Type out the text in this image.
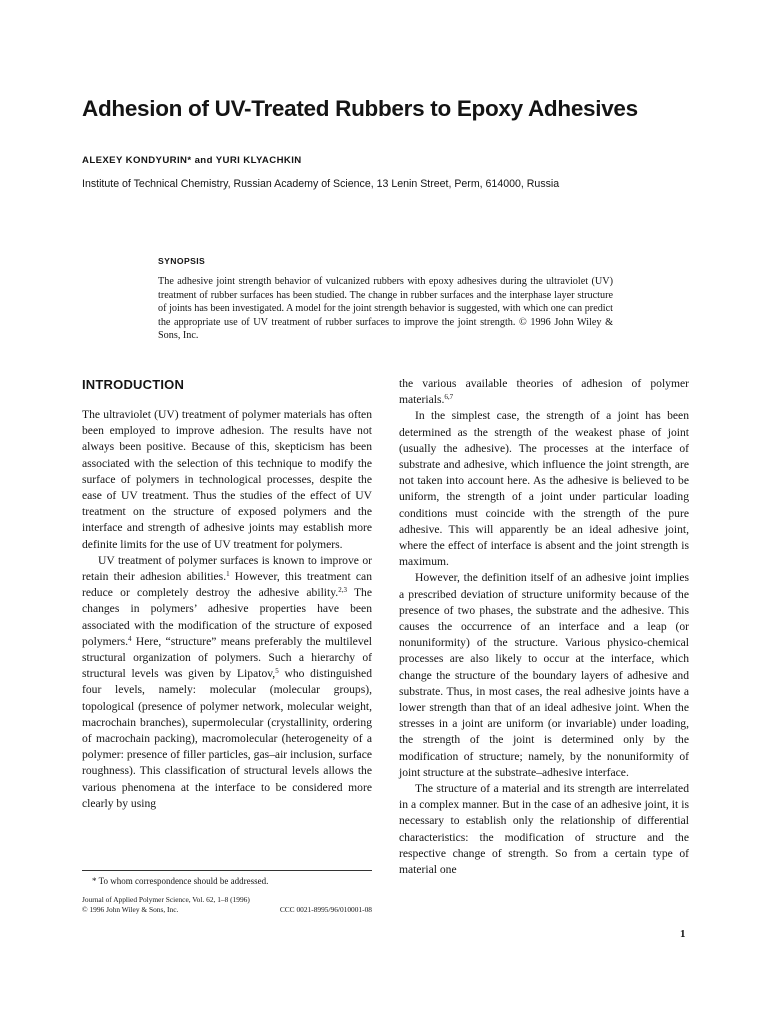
Adhesion of UV-Treated Rubbers to Epoxy Adhesives
ALEXEY KONDYURIN* and YURI KLYACHKIN
Institute of Technical Chemistry, Russian Academy of Science, 13 Lenin Street, Perm, 614000, Russia
SYNOPSIS
The adhesive joint strength behavior of vulcanized rubbers with epoxy adhesives during the ultraviolet (UV) treatment of rubber surfaces has been studied. The change in rubber surfaces and the interphase layer structure of joints has been investigated. A model for the joint strength behavior is suggested, with which one can predict the appropriate use of UV treatment of rubber surfaces to improve the joint strength. © 1996 John Wiley & Sons, Inc.
INTRODUCTION

The ultraviolet (UV) treatment of polymer materials has often been employed to improve adhesion. The results have not always been positive. Because of this, skepticism has been associated with the selection of this technique to modify the surface of polymers in technological processes, despite the ease of UV treatment. Thus the studies of the effect of UV treatment on the structure of exposed polymers and the interface and strength of adhesive joints may establish more definite limits for the use of UV treatment for polymers.

UV treatment of polymer surfaces is known to improve or retain their adhesion abilities.$^1$ However, this treatment can reduce or completely destroy the adhesive ability.$^{2,3}$ The changes in polymers’ adhesive properties have been associated with the modification of the structure of exposed polymers.$^4$ Here, “structure” means preferably the multilevel structural organization of polymers. Such a hierarchy of structural levels was given by Lipatov,$^5$ who distinguished four levels, namely: molecular (molecular groups), topological (presence of polymer network, molecular weight, macrochain branches), supermolecular (crystallinity, ordering of macrochain packing), macromolecular (heterogeneity of a polymer: presence of filler particles, gas–air inclusion, surface roughness). This classification of structural levels allows the various phenomena at the interface to be considered more clearly by using

the various available theories of adhesion of polymer materials.$^{6,7}$

In the simplest case, the strength of a joint has been determined as the strength of the weakest phase of joint (usually the adhesive). The processes at the interface of substrate and adhesive, which influence the joint strength, are not taken into account here. As the adhesive is believed to be uniform, the strength of a joint under particular loading conditions must coincide with the strength of the pure adhesive. This will apparently be an ideal adhesive joint, where the effect of interface is absent and the joint strength is maximum.

However, the definition itself of an adhesive joint implies a prescribed deviation of structure uniformity because of the presence of two phases, the substrate and the adhesive. This causes the occurrence of an interface and a leap (or nonuniformity) of the structure. Various physico-chemical processes are also likely to occur at the interface, which change the structure of the boundary layers of adhesive and substrate. Thus, in most cases, the real adhesive joints have a lower strength than that of an ideal adhesive joint. When the stresses in a joint are uniform (or invariable) under loading, the strength of the joint is determined only by the modification of structure; namely, by the nonuniformity of joint structure at the substrate–adhesive interface.

The structure of a material and its strength are interrelated in a complex manner. But in the case of an adhesive joint, it is necessary to establish only the relationship of differential characteristics: the modification of structure and the respective change of strength. So from a certain type of material one

* To whom correspondence should be addressed.
Journal of Applied Polymer Science, Vol. 62, 1–8 (1996)
© 1996 John Wiley & Sons, Inc.	CCC 0021-8995/96/010001-08
1
